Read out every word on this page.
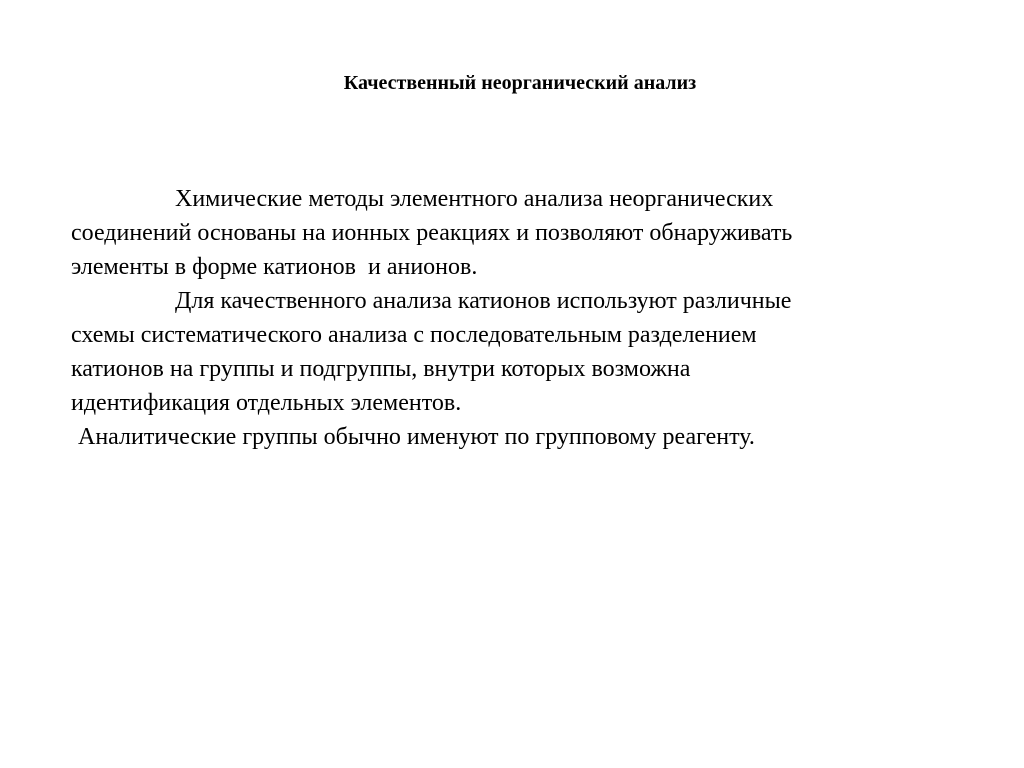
Качественный неорганический анализ
Химические методы элементного анализа неорганических
соединений основаны на ионных реакциях и позволяют обнаруживать
элементы в форме катионов  и анионов.
Для качественного анализа катионов используют различные
схемы систематического анализа с последовательным разделением
катионов на группы и подгруппы, внутри которых возможна
идентификация отдельных элементов.
Аналитические группы обычно именуют по групповому реагенту.
